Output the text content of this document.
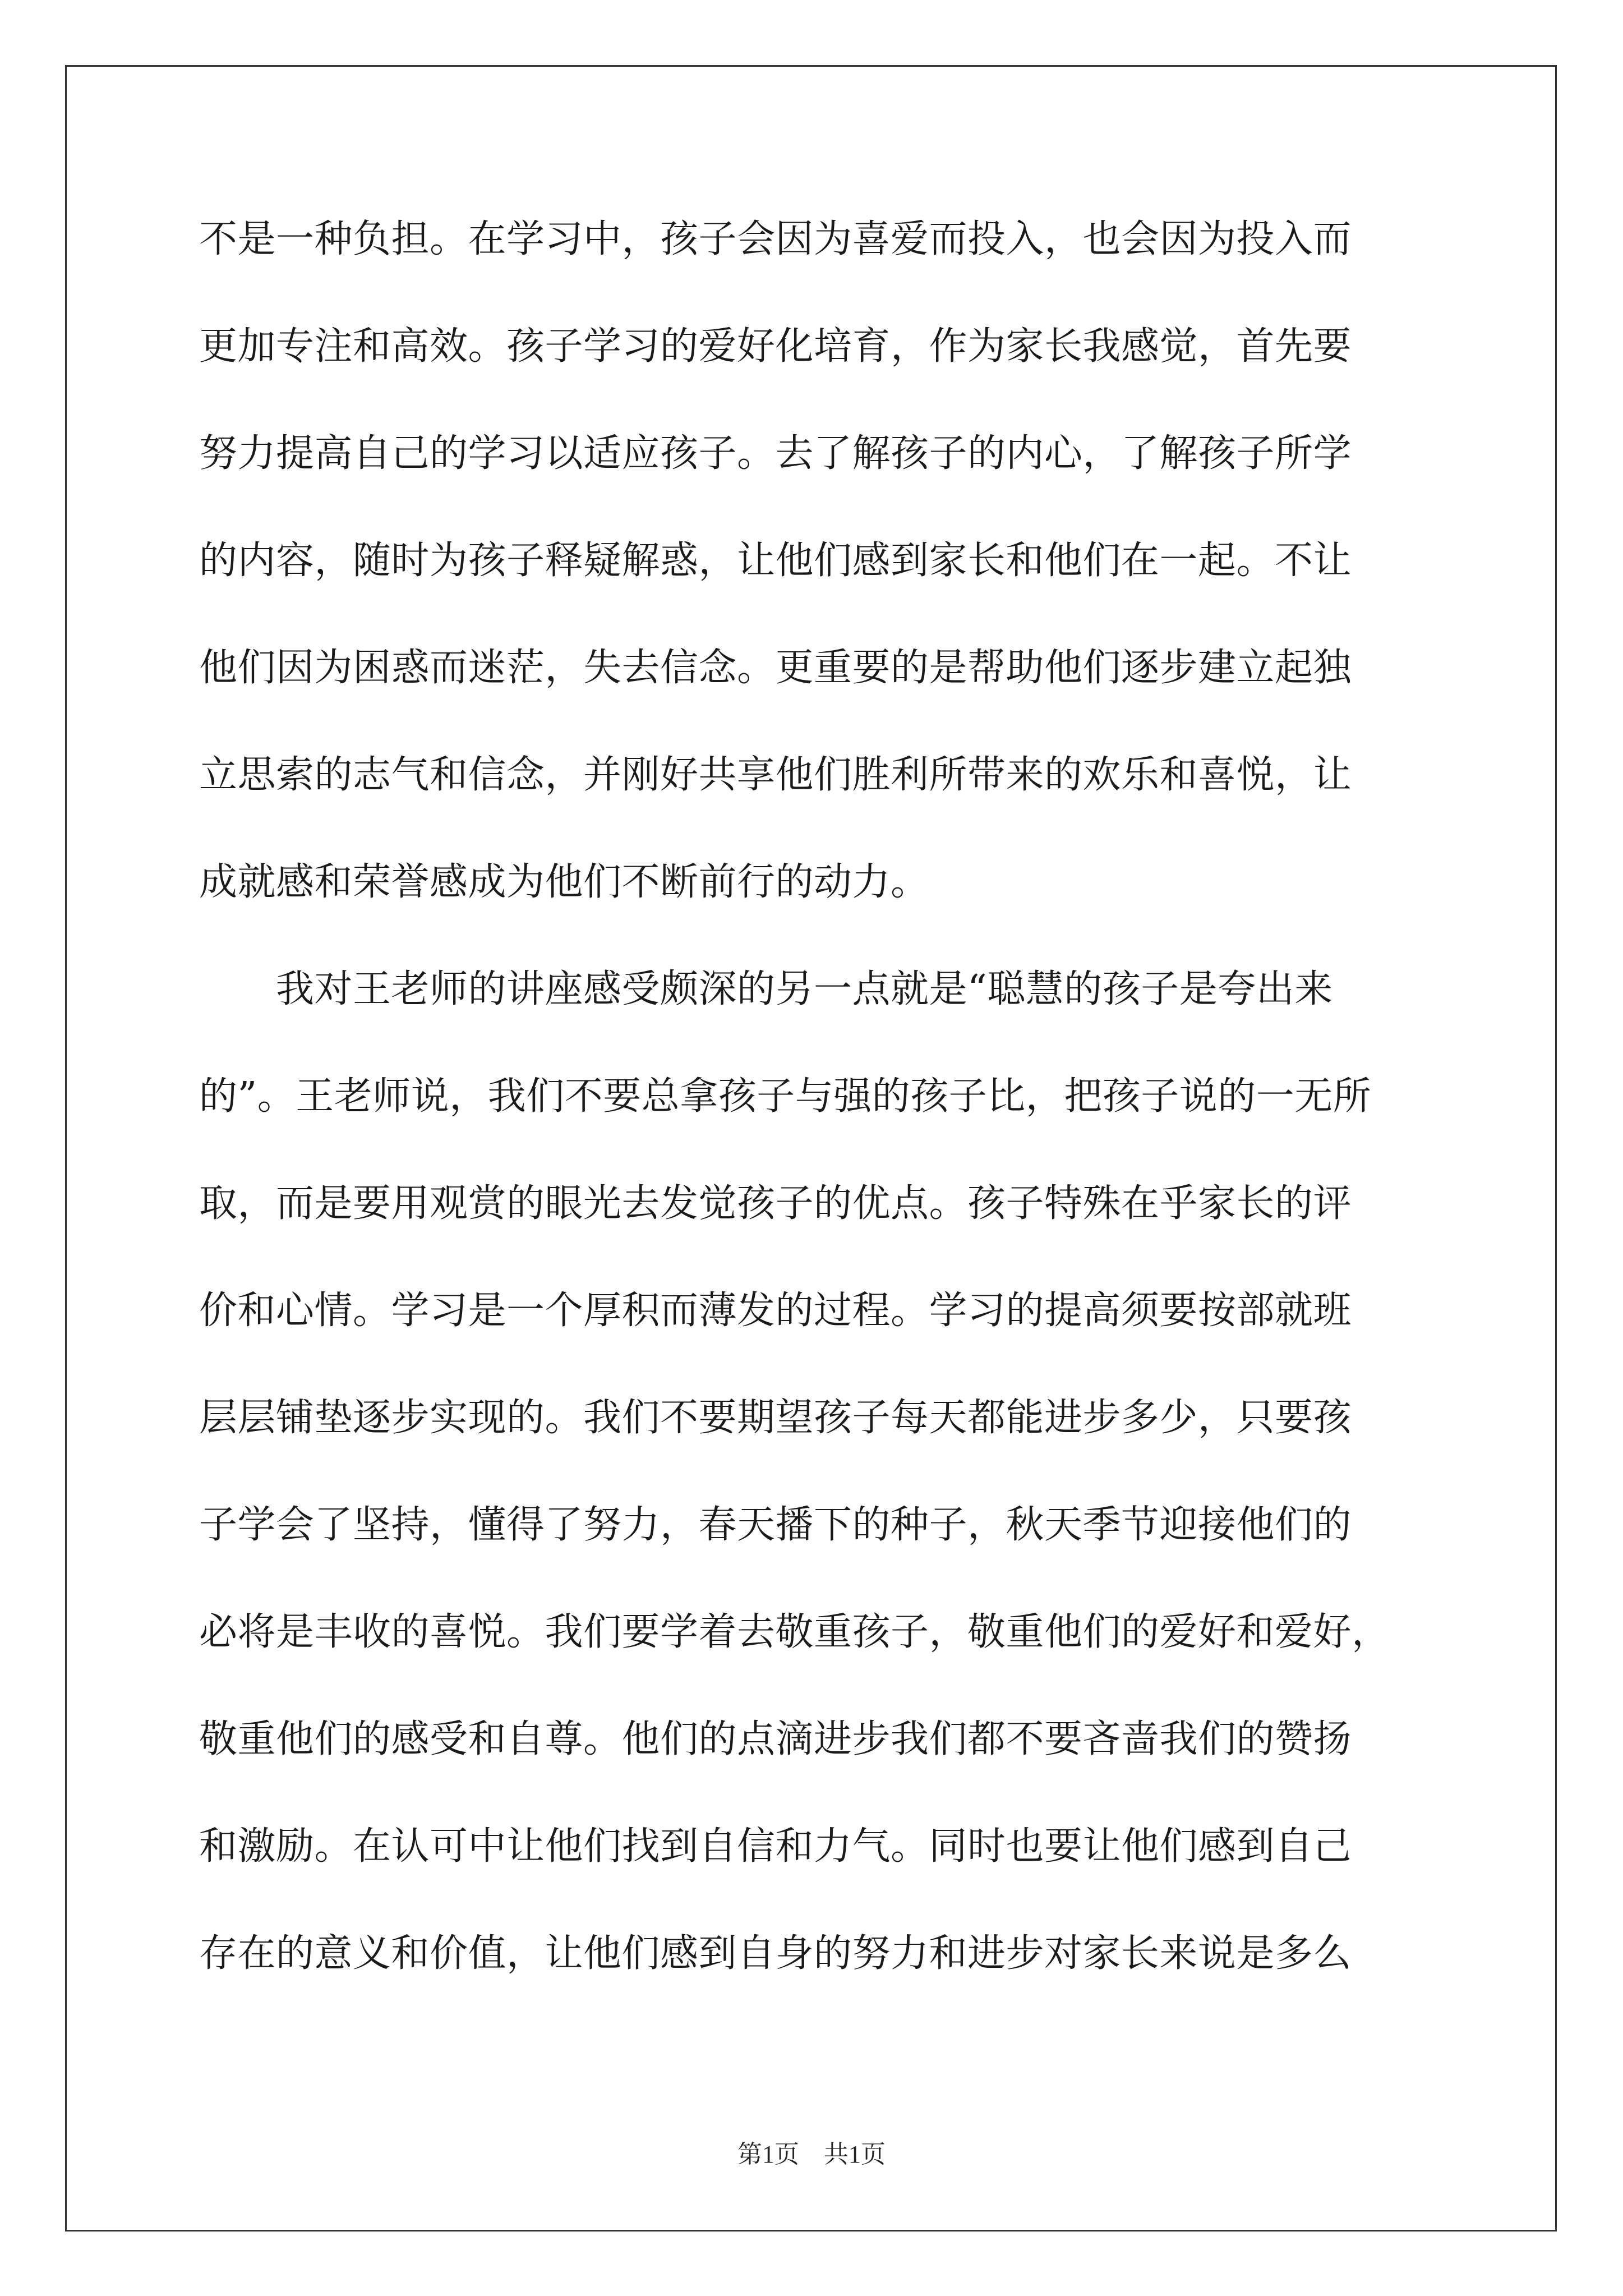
不是一种负担。在学习中，孩子会因为喜爱而投入，也会因为投入而
更加专注和高效。孩子学习的爱好化培育，作为家长我感觉，首先要
努力提高自己的学习以适应孩子。去了解孩子的内心，了解孩子所学
的内容，随时为孩子释疑解惑，让他们感到家长和他们在一起。不让
他们因为困惑而迷茫，失去信念。更重要的是帮助他们逐步建立起独
立思索的志气和信念，并刚好共享他们胜利所带来的欢乐和喜悦，让
成就感和荣誉感成为他们不断前行的动力。
我对王老师的讲座感受颇深的另一点就是“聪慧的孩子是夸出来
的”。王老师说，我们不要总拿孩子与强的孩子比，把孩子说的一无所
取，而是要用观赏的眼光去发觉孩子的优点。孩子特殊在乎家长的评
价和心情。学习是一个厚积而薄发的过程。学习的提高须要按部就班
层层铺垫逐步实现的。我们不要期望孩子每天都能进步多少，只要孩
子学会了坚持，懂得了努力，春天播下的种子，秋天季节迎接他们的
必将是丰收的喜悦。我们要学着去敬重孩子，敬重他们的爱好和爱好，
敬重他们的感受和自尊。他们的点滴进步我们都不要吝啬我们的赞扬
和激励。在认可中让他们找到自信和力气。同时也要让他们感到自己
存在的意义和价值，让他们感到自身的努力和进步对家长来说是多么
第1页　共1页
